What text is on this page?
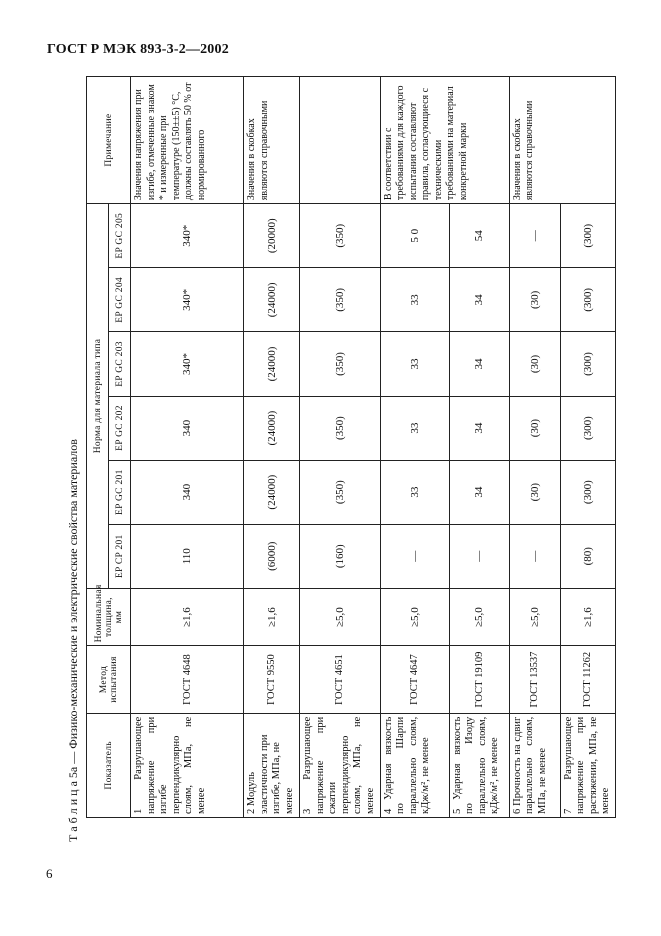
ГОСТ Р МЭК 893-3-2—2002
Т а б л и ц а 5а — Физико-механические и электрические свойства материалов Показатель	Метод испытания	Номинальная толщина, мм	Норма для материала типа						Примечание
			EP CP 201	EP GC 201	EP GC 202	EP GC 203	EP GC 204	EP GC 205	
1 Разрушающее напряжение при изгибе перпендикулярно слоям, МПа, не менее	ГОСТ 4648	≥1,6	110	340	340	340*	340*	340*	Значения напряжения при изгибе, отмеченные знаком * и измеренные при температуре (150±±5) °С, должны составлять 50 % от нормированного
2 Модуль эластичности при изгибе, МПа, не менее	ГОСТ 9550	≥1,6	(6000)	(24000)	(24000)	(24000)	(24000)	(20000)	Значения в скобках являются справочными
3 Разрушающее напряжение при сжатии перпендикулярно слоям, МПа, не менее	ГОСТ 4651	≥5,0	(160)	(350)	(350)	(350)	(350)	(350)	
4 Ударная вязкость по Шарпи параллельно слоям, кДж/м², не менее	ГОСТ 4647	≥5,0	—	33	33	33	33	5 0	В соответствии с требованиями для каждого испытания составляют правила, согласующиеся с техническими требованиями на материал конкретной марки
5 Ударная вязкость по Изоду параллельно слоям, кДж/м², не менее	ГОСТ 19109	≥5,0	—	34	34	34	34	54	
6 Прочность на сдвиг параллельно слоям, МПа, не менее	ГОСТ 13537	≥5,0	—	(30)	(30)	(30)	(30)	—	Значения в скобках являются справочными
7 Разрушающее напряжение при растяжении, МПа, не менее	ГОСТ 11262	≥1,6	(80)	(300)	(300)	(300)	(300)	(300)	
6
